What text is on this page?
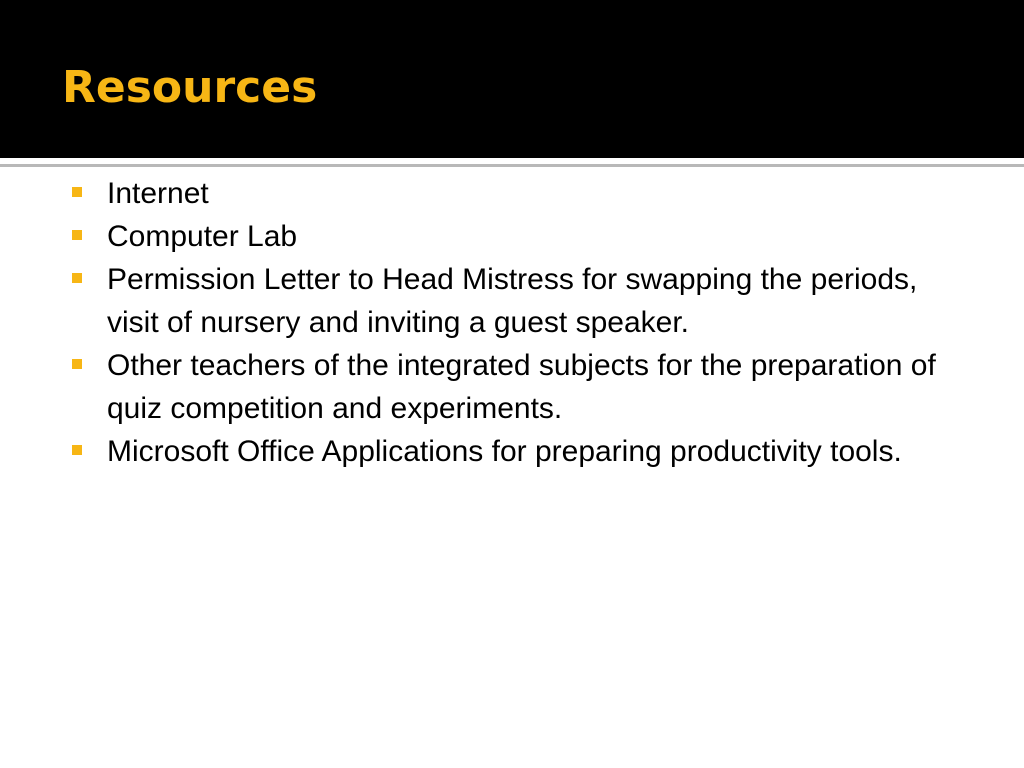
Resources
Internet
Computer Lab
Permission Letter to Head Mistress for swapping the periods, visit of nursery and inviting a guest speaker.
Other teachers of the integrated subjects for the preparation of quiz competition and experiments.
Microsoft Office Applications for preparing productivity tools.
